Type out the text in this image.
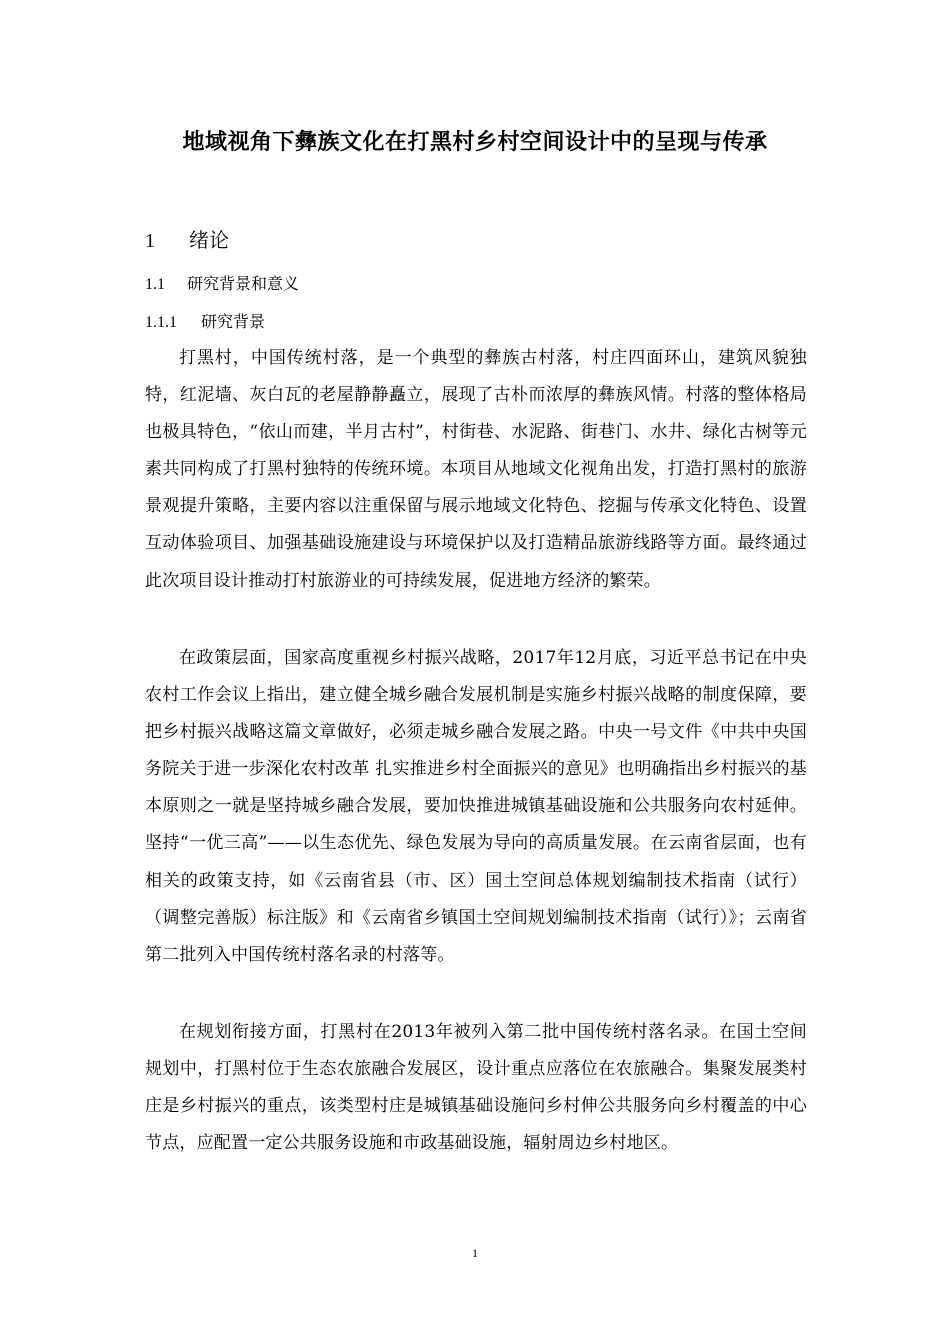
地域视角下彝族文化在打黑村乡村空间设计中的呈现与传承
1 绪论
1.1 研究背景和意义
1.1.1 研究背景

打黑村，中国传统村落，是一个典型的彝族古村落，村庄四面环山，建筑风貌独特，红泥墙、灰白瓦的老屋静静矗立，展现了古朴而浓厚的彝族风情。村落的整体格局也极具特色，“依山而建，半月古村”，村街巷、水泥路、街巷门、水井、绿化古树等元素共同构成了打黑村独特的传统环境。本项目从地域文化视角出发，打造打黑村的旅游景观提升策略，主要内容以注重保留与展示地域文化特色、挖掘与传承文化特色、设置互动体验项目、加强基础设施建设与环境保护以及打造精品旅游线路等方面。最终通过此次项目设计推动打村旅游业的可持续发展，促进地方经济的繁荣。

在政策层面，国家高度重视乡村振兴战略，2017年12月底，习近平总书记在中央农村工作会议上指出，建立健全城乡融合发展机制是实施乡村振兴战略的制度保障，要把乡村振兴战略这篇文章做好，必须走城乡融合发展之路。中央一号文件《中共中央国务院关于进一步深化农村改革 扎实推进乡村全面振兴的意见》也明确指出乡村振兴的基本原则之一就是坚持城乡融合发展，要加快推进城镇基础设施和公共服务向农村延伸。坚持“一优三高”——以生态优先、绿色发展为导向的高质量发展。在云南省层面，也有相关的政策支持，如《云南省县（市、区）国土空间总体规划编制技术指南（试行）（调整完善版）标注版》和《云南省乡镇国土空间规划编制技术指南（试行）》；云南省第二批列入中国传统村落名录的村落等。

在规划衔接方面，打黑村在2013年被列入第二批中国传统村落名录。在国土空间规划中，打黑村位于生态农旅融合发展区，设计重点应落位在农旅融合。集聚发展类村庄是乡村振兴的重点，该类型村庄是城镇基础设施问乡村伸公共服务向乡村覆盖的中心节点，应配置一定公共服务设施和市政基础设施，辐射周边乡村地区。

1
